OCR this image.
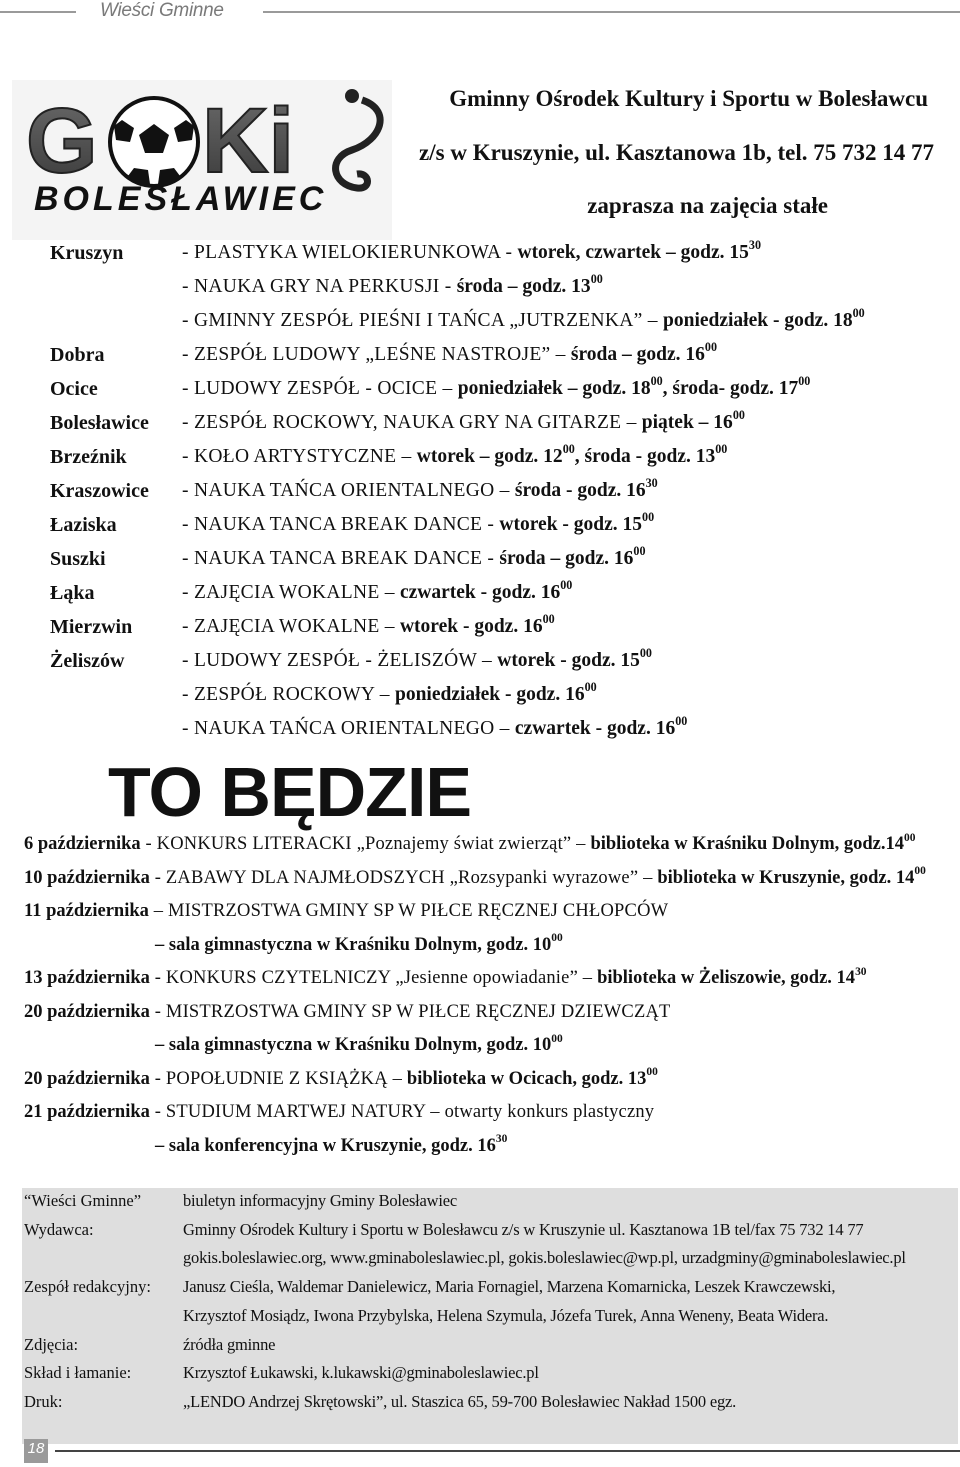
Wieści Gminne
G Ki
BOLESŁAWIEC
Gminny Ośrodek Kultury i Sportu w Bolesławcu
z/s w Kruszynie, ul. Kasztanowa 1b, tel. 75 732 14 77
zaprasza na zajęcia stałe
Kruszyn	- PLASTYKA WIELOKIERUNKOWA - wtorek, czwartek – godz. $15^{30}$
- NAUKA GRY NA PERKUSJI - środa – godz. $13^{00}$
- GMINNY ZESPÓŁ PIEŚNI I TAŃCA „JUTRZENKA” – poniedziałek - godz. $18^{00}$
Dobra	- ZESPÓŁ LUDOWY „LEŚNE NASTROJE” – środa – godz. $16^{00}$
Ocice	- LUDOWY ZESPÓŁ - OCICE – poniedziałek – godz. $18^{00}$, środa- godz. $17^{00}$
Bolesławice - ZESPÓŁ ROCKOWY, NAUKA GRY NA GITARZE – piątek – $16^{00}$
Brzeźnik	- KOŁO ARTYSTYCZNE – wtorek – godz. $12^{00}$, środa - godz. $13^{00}$
Kraszowice - NAUKA TAŃCA ORIENTALNEGO – środa - godz. $16^{30}$
Łaziska	- NAUKA TANCA BREAK DANCE - wtorek - godz. $15^{00}$
Suszki	- NAUKA TANCA BREAK DANCE - środa – godz. $16^{00}$
Łąka	- ZAJĘCIA WOKALNE – czwartek - godz. $16^{00}$
Mierzwin	- ZAJĘCIA WOKALNE – wtorek - godz. $16^{00}$
Żeliszów	- LUDOWY ZESPÓŁ - ŻELISZÓW – wtorek - godz. $15^{00}$
- ZESPÓŁ ROCKOWY – poniedziałek - godz. $16^{00}$
- NAUKA TAŃCA ORIENTALNEGO – czwartek - godz. $16^{00}$
TO BĘDZIE
6 października - KONKURS LITERACKI „Poznajemy świat zwierząt” – biblioteka w Kraśniku Dolnym, $godz.14^{00}$
10 października - ZABAWY DLA NAJMŁODSZYCH „Rozsypanki wyrazowe” – biblioteka w Kruszynie, godz. $14^{00}$
11 października – MISTRZOSTWA GMINY SP W PIŁCE RĘCZNEJ CHŁOPCÓW
– sala gimnastyczna w Kraśniku Dolnym, godz. $10^{00}$
13 października - KONKURS CZYTELNICZY „Jesienne opowiadanie” – biblioteka w Żeliszowie, godz. $14^{30}$
20 października - MISTRZOSTWA GMINY SP W PIŁCE RĘCZNEJ DZIEWCZĄT
– sala gimnastyczna w Kraśniku Dolnym, godz. $10^{00}$
20 października - POPOŁUDNIE Z KSIĄŻKĄ – biblioteka w Ocicach, godz. $13^{00}$
21 października - STUDIUM MARTWEJ NATURY – otwarty konkurs plastyczny
– sala konferencyjna w Kruszynie, godz. $16^{30}$
“Wieści Gminne”	biuletyn informacyjny Gminy Bolesławiec
Wydawca:	Gminny Ośrodek Kultury i Sportu w Bolesławcu z/s w Kruszynie ul. Kasztanowa 1B tel/fax 75 732 14 77
gokis.boleslawiec.org, www.gminaboleslawiec.pl, gokis.boleslawiec@wp.pl, urzadgminy@gminaboleslawiec.pl
Zespół redakcyjny: Janusz Cieśla, Waldemar Danielewicz, Maria Fornagiel, Marzena Komarnicka, Leszek Krawczewski,
Krzysztof Mosiądz, Iwona Przybylska, Helena Szymula, Józefa Turek, Anna Weneny, Beata Widera.
Zdjęcia:	źródła gminne
Skład i łamanie:	Krzysztof Łukawski, k.lukawski@gminaboleslawiec.pl
Druk:	„LENDO Andrzej Skrętowski”, ul. Staszica 65, 59-700 Bolesławiec Nakład 1500 egz.
18
